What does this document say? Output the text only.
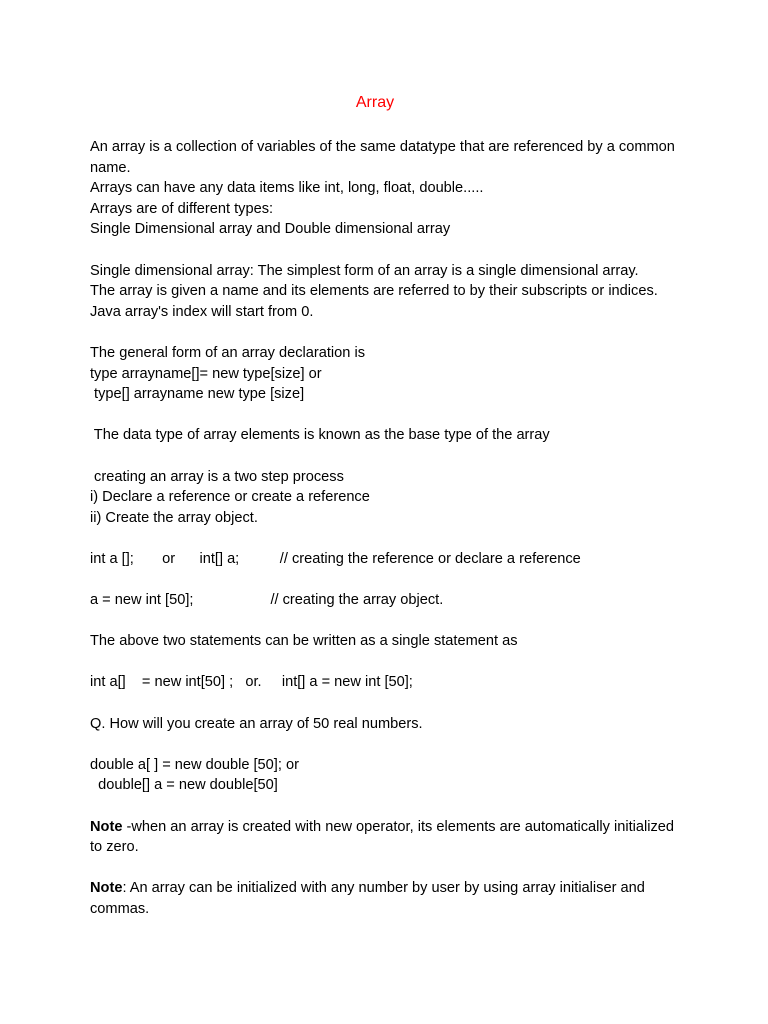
Array
An array is a collection of variables of the same datatype that are referenced by a common name.
Arrays can have any data items like int, long, float, double.....
Arrays are of different types:
Single Dimensional array and Double dimensional array
Single dimensional array: The simplest form of an array is a single dimensional array.
The array is given a name and its elements are referred to by their subscripts or indices.
Java array's index will start from 0.
The general form of an array declaration is
type arrayname[]= new type[size] or
type[] arrayname new type [size]
The data type of array elements is known as the base type of the array
creating an array is a two step process
i) Declare a reference or create a reference
ii) Create the array object.
int a [];       or      int[] a;          // creating the reference or declare a reference
a = new int [50];                   // creating the array object.
The above two statements can be written as a single statement as
int a[]    = new int[50] ;   or.     int[] a = new int [50];
Q. How will you create an array of 50 real numbers.
double a[ ] = new double [50]; or
double[] a = new double[50]
Note -when an array is created with new operator, its elements are automatically initialized to zero.
Note: An array can be initialized with any number by user by using array initialiser and commas.
